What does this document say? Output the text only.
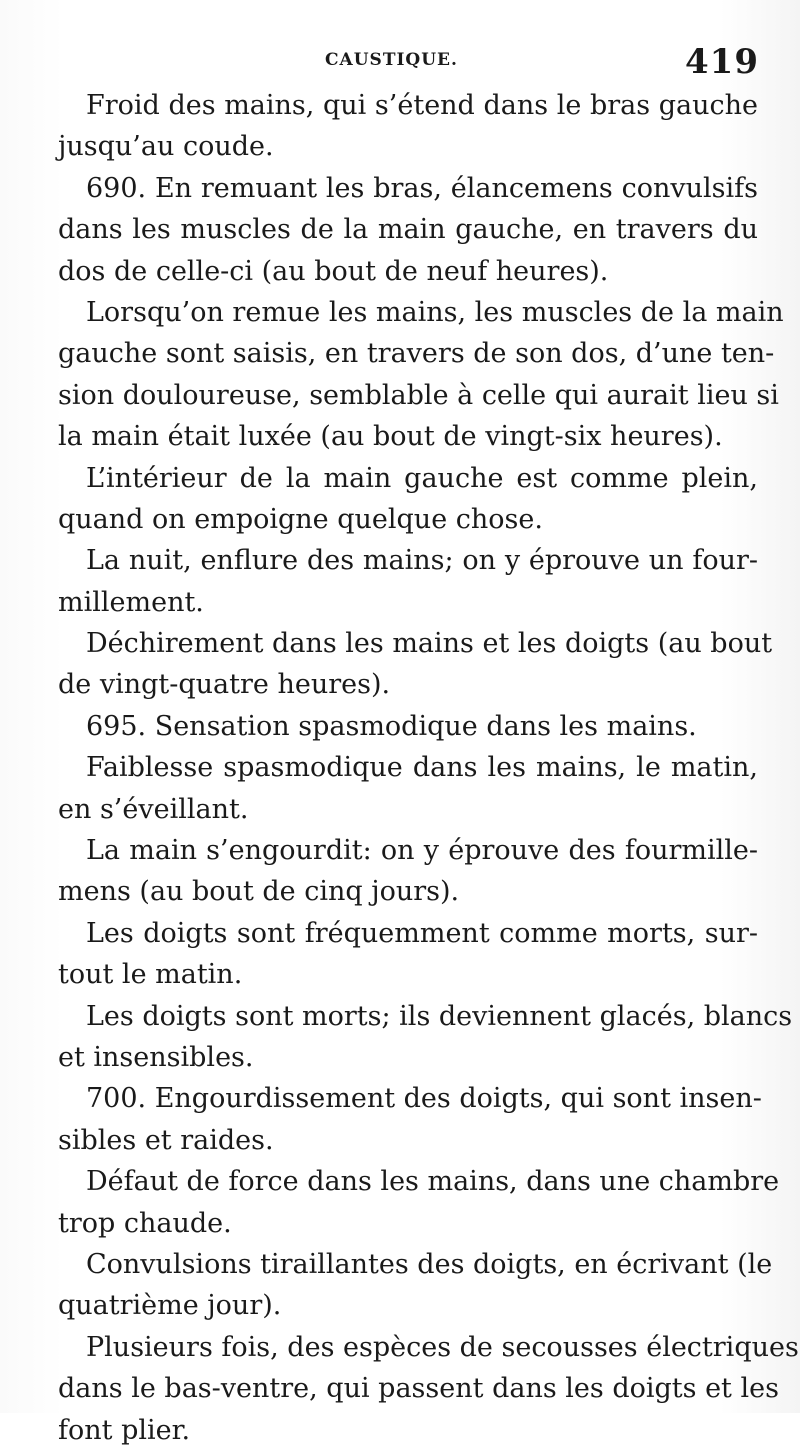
CAUSTIQUE.	419
Froid des mains, qui s’étend dans le bras gauche
jusqu’au coude.
690. En remuant les bras, élancemens convulsifs
dans les muscles de la main gauche, en travers du
dos de celle-ci (au bout de neuf heures).
Lorsqu’on remue les mains, les muscles de la main
gauche sont saisis, en travers de son dos, d’une ten-
sion douloureuse, semblable à celle qui aurait lieu si
la main était luxée (au bout de vingt-six heures).
L’intérieur de la main gauche est comme plein,
quand on empoigne quelque chose.
La nuit, enflure des mains; on y éprouve un four-
millement.
Déchirement dans les mains et les doigts (au bout
de vingt-quatre heures).
695. Sensation spasmodique dans les mains.
Faiblesse spasmodique dans les mains, le matin,
en s’éveillant.
La main s’engourdit: on y éprouve des fourmille-
mens (au bout de cinq jours).
Les doigts sont fréquemment comme morts, sur-
tout le matin.
Les doigts sont morts; ils deviennent glacés, blancs
et insensibles.
700. Engourdissement des doigts, qui sont insen-
sibles et raides.
Défaut de force dans les mains, dans une chambre
trop chaude.
Convulsions tiraillantes des doigts, en écrivant (le
quatrième jour).
Plusieurs fois, des espèces de secousses électriques
dans le bas-ventre, qui passent dans les doigts et les
font plier.
